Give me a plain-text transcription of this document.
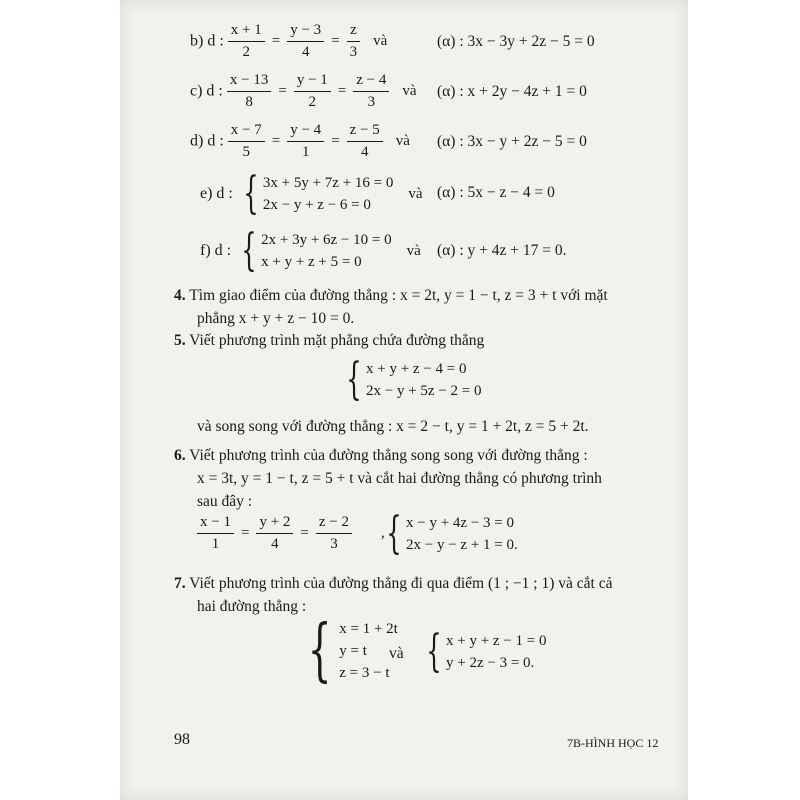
b) d : $\frac{x + 1}{2} = \frac{y - 3}{4} = \frac{z}{3}$ và	(α) : 3x − 3y + 2z − 5 = 0
c) d : $\frac{x - 13}{8} = \frac{y - 1}{2} = \frac{z - 4}{3}$ và (α) : x + 2y − 4z + 1 = 0
d) d : $\frac{x - 7}{5} = \frac{y - 4}{1} = \frac{z - 5}{4}$ và (α) : 3x − y + 2z − 5 = 0
e) d : { 3x + 5y + 7z + 16 = 0
2x − y + z − 6 = 0
và (α) : 5x − z − 4 = 0
f) d : { 2x + 3y + 6z − 10 = 0
x + y + z + 5 = 0
và (α) : y + 4z + 17 = 0.
4. Tìm giao điểm của đường thẳng : x = 2t, y = 1 − t, z = 3 + t với mặt
phẳng x + y + z − 10 = 0.
5. Viết phương trình mặt phẳng chứa đường thẳng
{ x + y + z − 4 = 0
2x − y + 5z − 2 = 0
và song song với đường thẳng : x = 2 − t, y = 1 + 2t, z = 5 + 2t.
6. Viết phương trình của đường thẳng song song với đường thẳng :
x = 3t, y = 1 − t, z = 5 + t và cắt hai đường thẳng có phương trình
sau đây :
$\frac{x - 1}{1} = \frac{y + 2}{4} = \frac{z - 2}{3}$ , { x − y + 4z − 3 = 0
2x − y − z + 1 = 0.
7. Viết phương trình của đường thẳng đi qua điểm (1 ; −1 ; 1) và cắt cả
hai đường thẳng :
{ x = 1 + 2t
y = t
z = 3 − t
và { x + y + z − 1 = 0
y + 2z − 3 = 0.
98	7B-HÌNH HỌC 12
